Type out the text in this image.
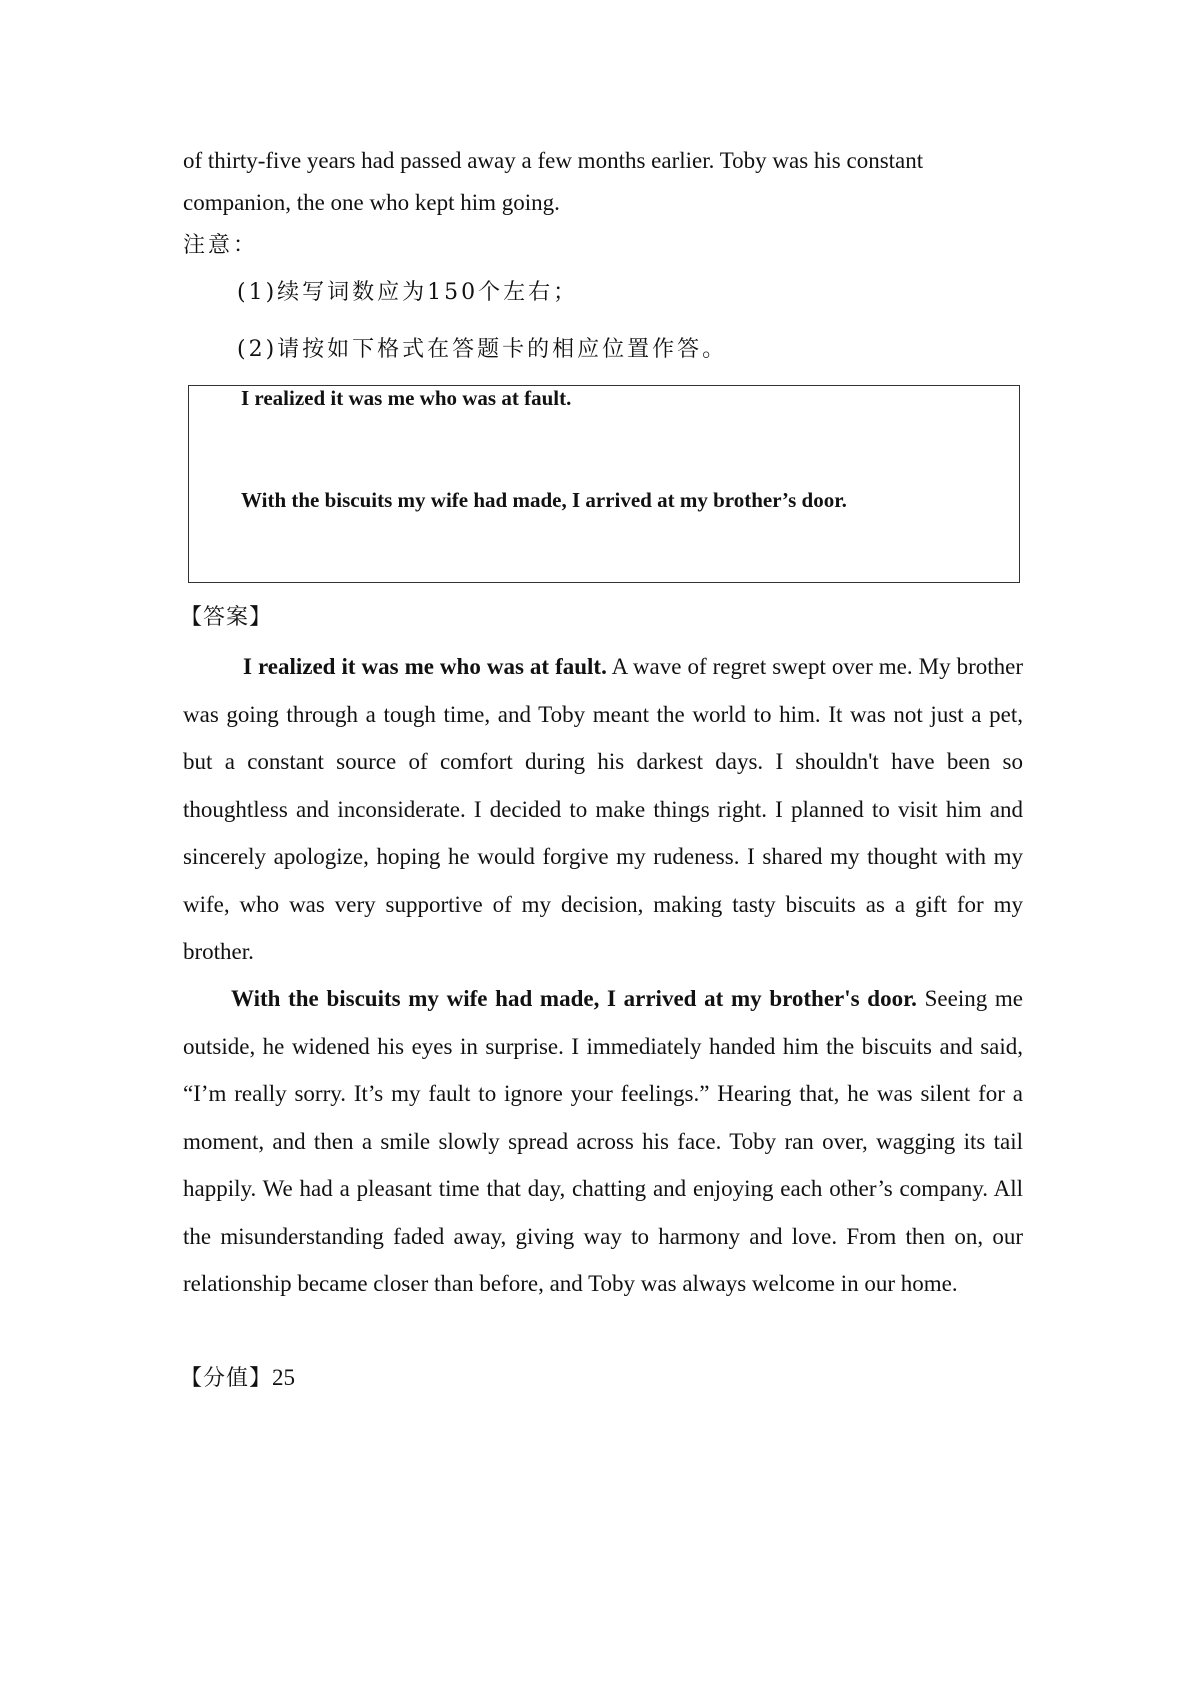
of thirty-five years had passed away a few months earlier. Toby was his constant
companion, the one who kept him going.
注意：
(1)续写词数应为150个左右；
(2)请按如下格式在答题卡的相应位置作答。
I realized it was me who was at fault.
With the biscuits my wife had made, I arrived at my brother’s door.
【答案】

I realized it was me who was at fault. A wave of regret swept over me. My brother was going through a tough time, and Toby meant the world to him. It was not just a pet, but a constant source of comfort during his darkest days. I shouldn't have been so thoughtless and inconsiderate. I decided to make things right. I planned to visit him and sincerely apologize, hoping he would forgive my rudeness. I shared my thought with my wife, who was very supportive of my decision, making tasty biscuits as a gift for my brother.

With the biscuits my wife had made, I arrived at my brother's door. Seeing me outside, he widened his eyes in surprise. I immediately handed him the biscuits and said, “I’m really sorry. It’s my fault to ignore your feelings.” Hearing that, he was silent for a moment, and then a smile slowly spread across his face. Toby ran over, wagging its tail happily. We had a pleasant time that day, chatting and enjoying each other’s company. All the misunderstanding faded away, giving way to harmony and love. From then on, our relationship became closer than before, and Toby was always welcome in our home.

【分值】25
